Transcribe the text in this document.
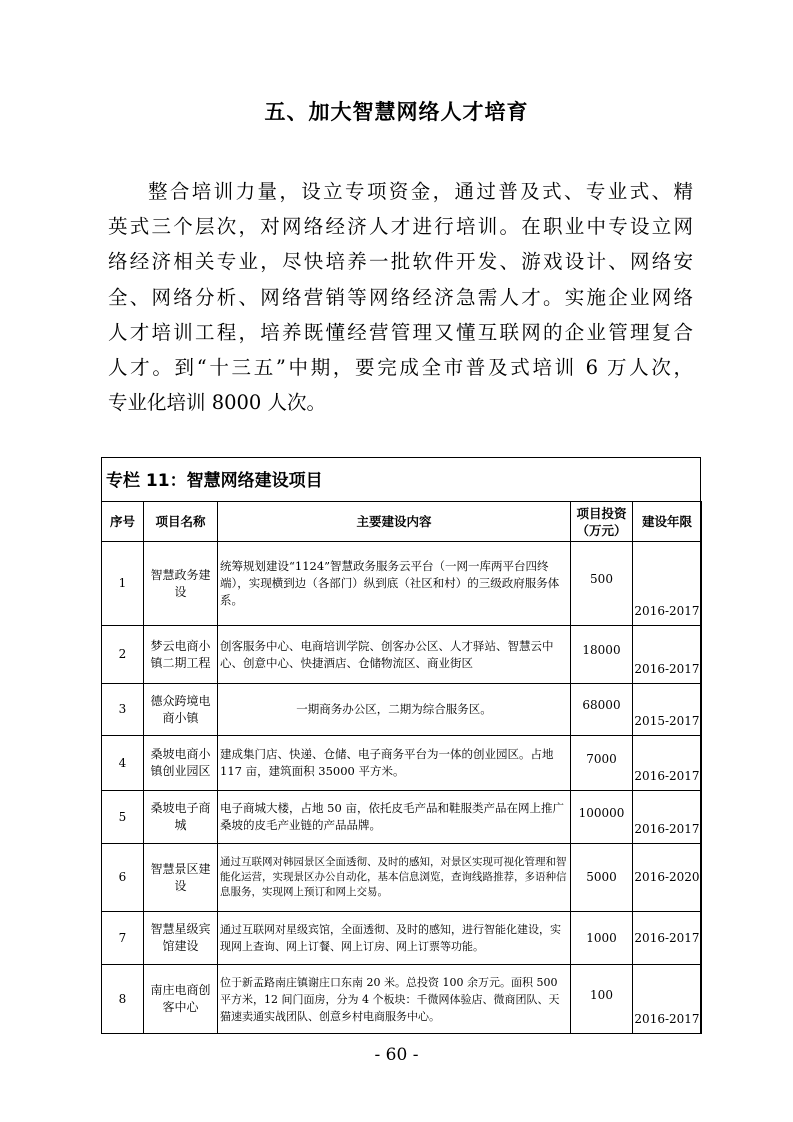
五、加大智慧网络人才培育
整合培训力量，设立专项资金，通过普及式、专业式、精
英式三个层次，对网络经济人才进行培训。在职业中专设立网
络经济相关专业，尽快培养一批软件开发、游戏设计、网络安
全、网络分析、网络营销等网络经济急需人才。实施企业网络
人才培训工程，培养既懂经营管理又懂互联网的企业管理复合
人才。到“十三五”中期，要完成全市普及式培训 6 万人次，
专业化培训 8000 人次。
专栏 11：智慧网络建设项目
序号	项目名称	主要建设内容	项目投资（万元）	建设年限
1	智慧政务建设	统筹规划建设“1124”智慧政务服务云平台（一网一库两平台四终端），实现横到边（各部门）纵到底（社区和村）的三级政府服务体系。	500	2016-2017
2	梦云电商小镇二期工程	创客服务中心、电商培训学院、创客办公区、人才驿站、智慧云中心、创意中心、快捷酒店、仓储物流区、商业街区	18000	2016-2017
3	德众跨境电商小镇	一期商务办公区，二期为综合服务区。	68000	2015-2017
4	桑坡电商小镇创业园区	建成集门店、快递、仓储、电子商务平台为一体的创业园区。占地 117 亩，建筑面积 35000 平方米。	7000	2016-2017
5	桑坡电子商城	电子商城大楼，占地 50 亩，依托皮毛产品和鞋服类产品在网上推广桑坡的皮毛产业链的产品品牌。	100000	2016-2017
6	智慧景区建设	通过互联网对韩园景区全面透彻、及时的感知，对景区实现可视化管理和智能化运营，实现景区办公自动化，基本信息浏览，查询线路推荐，多语种信息服务，实现网上预订和网上交易。	5000	2016-2020
7	智慧星级宾馆建设	通过互联网对星级宾馆，全面透彻、及时的感知，进行智能化建设，实现网上查询、网上订餐、网上订房、网上订票等功能。	1000	2016-2017
8	南庄电商创客中心	位于新孟路南庄镇谢庄口东南 20 米。总投资 100 余万元。面积 500 平方米，12 间门面房，分为 4 个板块：千微网体验店、微商团队、天猫速卖通实战团队、创意乡村电商服务中心。	100	2016-2017
- 60 -
